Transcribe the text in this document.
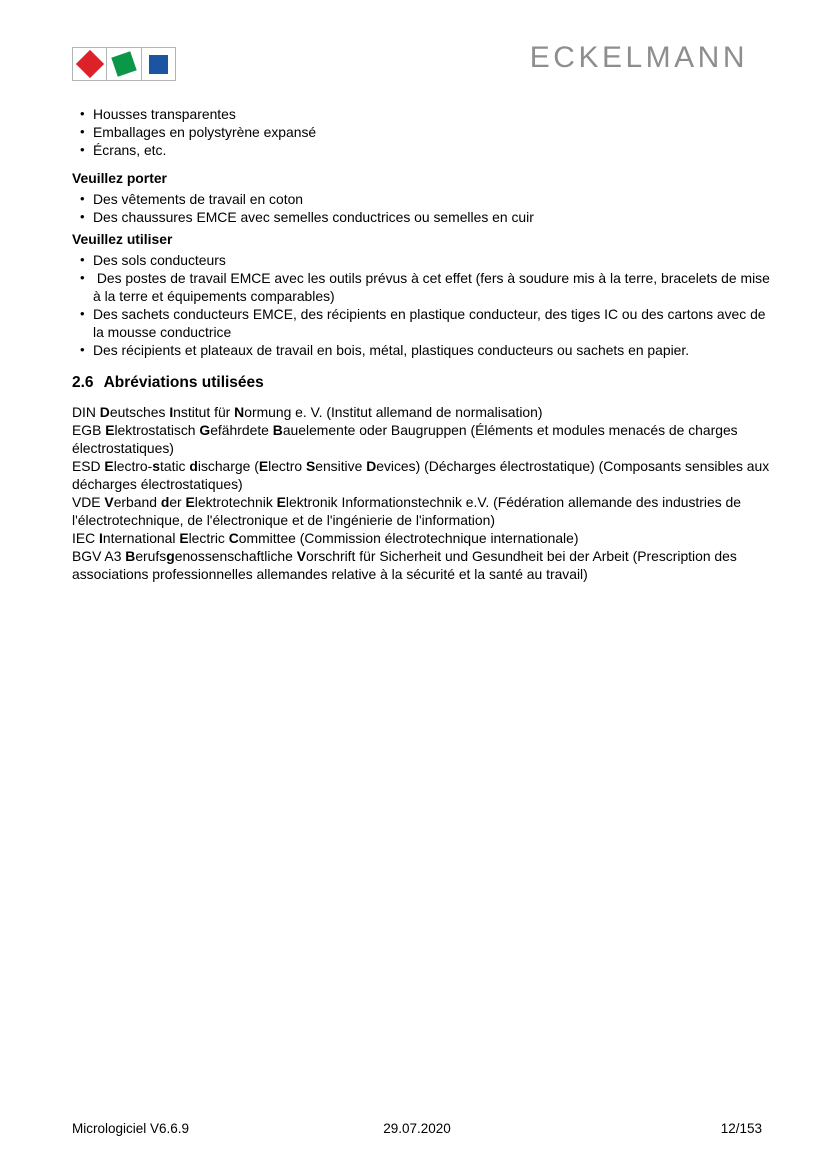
ECKELMANN
• Housses transparentes
• Emballages en polystyrène expansé
• Écrans, etc.

Veuillez porter

• Des vêtements de travail en coton
• Des chaussures EMCE avec semelles conductrices ou semelles en cuir

Veuillez utiliser

• Des sols conducteurs
•  Des postes de travail EMCE avec les outils prévus à cet effet (fers à soudure mis à la terre, bracelets de mise à la terre et équipements comparables)
• Des sachets conducteurs EMCE, des récipients en plastique conducteur, des tiges IC ou des cartons avec de la mousse conductrice
• Des récipients et plateaux de travail en bois, métal, plastiques conducteurs ou sachets en papier.
2.6 Abréviations utilisées
DIN Deutsches Institut für Normung e. V. (Institut allemand de normalisation)
EGB Elektrostatisch Gefährdete Bauelemente oder Baugruppen (Éléments et modules menacés de charges électrostatiques)
ESD Electro-static discharge (Electro Sensitive Devices) (Décharges électrostatique) (Composants sensibles aux décharges électrostatiques)
VDE Verband der Elektrotechnik Elektronik Informationstechnik e.V. (Fédération allemande des industries de l'électrotechnique, de l'électronique et de l'ingénierie de l'information)
IEC International Electric Committee (Commission électrotechnique internationale)
BGV A3 Berufsgenossenschaftliche Vorschrift für Sicherheit und Gesundheit bei der Arbeit (Prescription des associations professionnelles allemandes relative à la sécurité et la santé au travail)
Micrologiciel V6.6.9	29.07.2020	12/153
